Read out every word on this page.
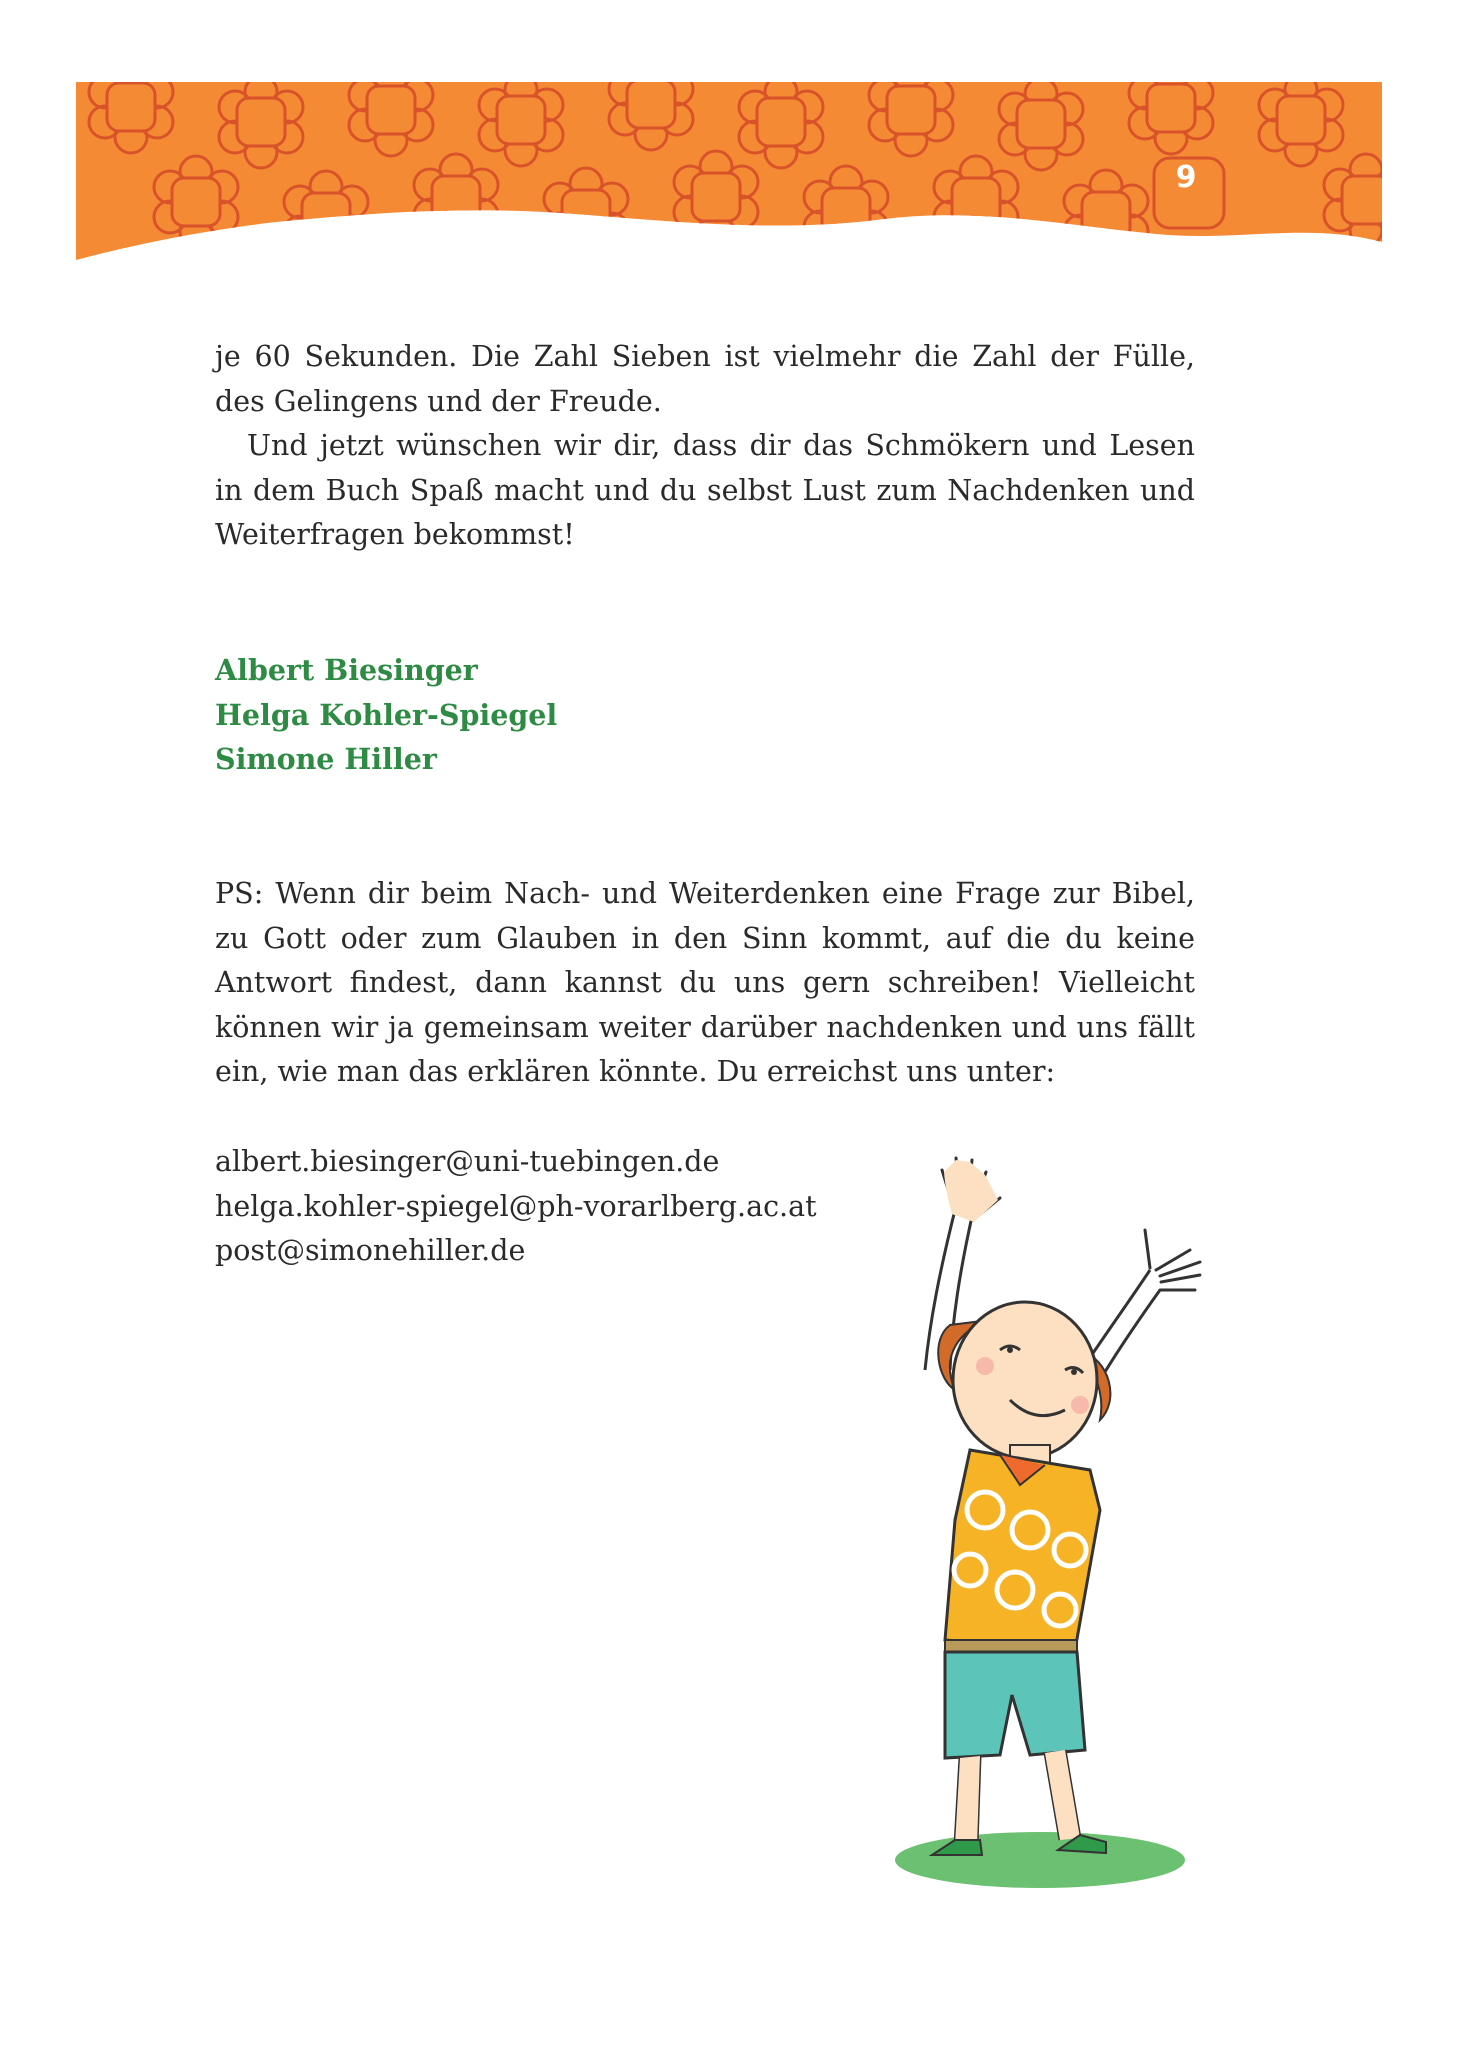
9

je 60 Sekunden. Die Zahl Sieben ist vielmehr die Zahl der Fülle, des Gelingens und der Freude.

Und jetzt wünschen wir dir, dass dir das Schmökern und Lesen in dem Buch Spaß macht und du selbst Lust zum Nachdenken und Weiterfragen bekommst!

Albert Biesinger
Helga Kohler-Spiegel
Simone Hiller

PS: Wenn dir beim Nach- und Weiterdenken eine Frage zur Bibel, zu Gott oder zum Glauben in den Sinn kommt, auf die du keine Antwort findest, dann kannst du uns gern schreiben! Vielleicht können wir ja gemeinsam weiter darüber nachdenken und uns fällt ein, wie man das erklären könnte. Du erreichst uns unter:

albert.biesinger@uni-tuebingen.de
helga.kohler-spiegel@ph-vorarlberg.ac.at
post@simonehiller.de
